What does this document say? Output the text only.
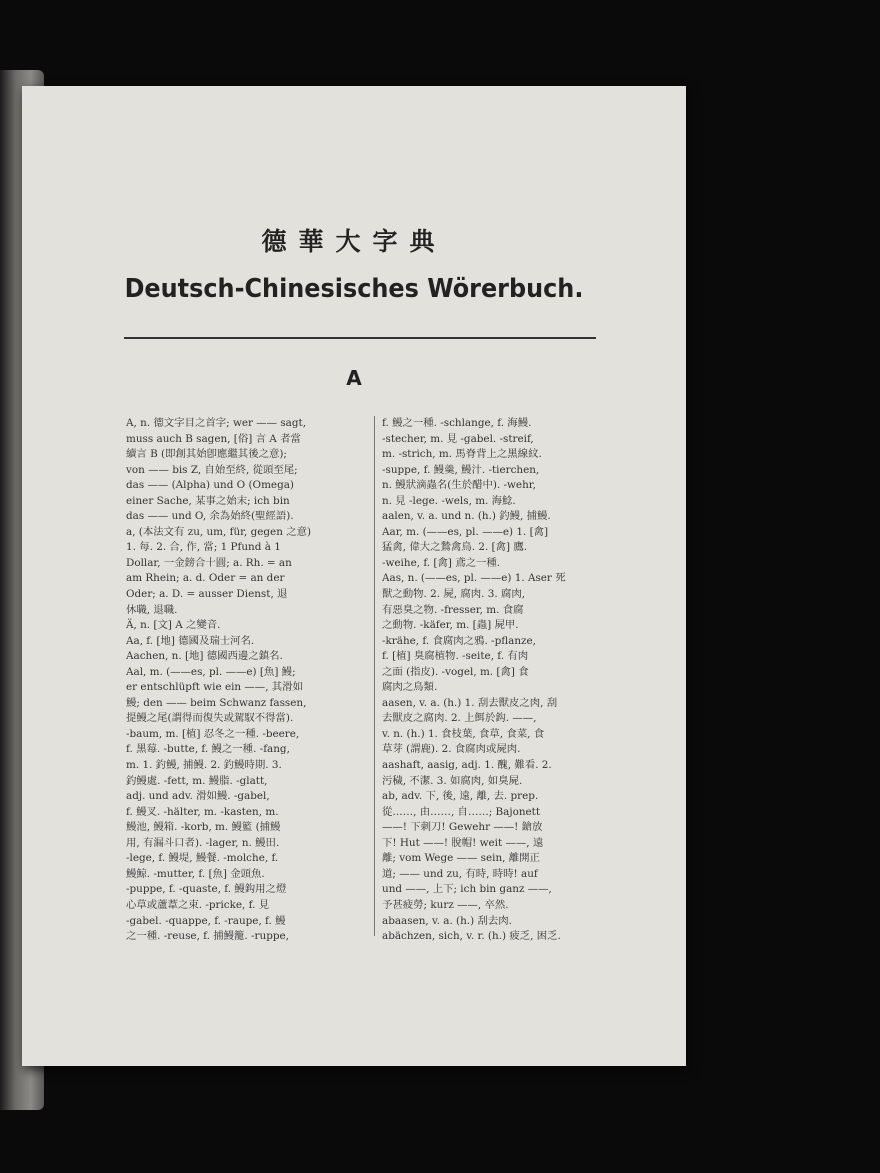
德華大字典
Deutsch-Chinesisches Wörerbuch.
A
A, n. 德文字目之首字; wer —— sagt,
muss auch B sagen, [俗] 言 A 者當
續言 B (即創其始卽應繼其後之意);
von —— bis Z, 自始至終, 從頭至尾;
das —— (Alpha) und O (Omega)
einer Sache, 某事之始末; ich bin
das —— und O, 余為始終(聖經語).
a, (本法文有 zu, um, für, gegen 之意)
1. 每. 2. 合, 作, 當; 1 Pfund à 1
Dollar, 一金鎊合十圓; a. Rh. = an
am Rhein; a. d. Oder = an der
Oder; a. D. = ausser Dienst, 退
休職, 退職.
Ä, n. [文] A 之變音.
Aa, f. [地] 德國及瑞士河名.
Aachen, n. [地] 德國西邊之鎮名.
Aal, m. (——es, pl. ——e) [魚] 鰻;
er entschlüpft wie ein ——, 其滑如
鰻; den —— beim Schwanz fassen,
提鰻之尾(謂得而復失或駕馭不得當).
-baum, m. [植] 忍冬之一種. -beere,
f. 黑莓. -butte, f. 鰻之一種. -fang,
m. 1. 釣鰻, 捕鰻. 2. 釣鰻時期. 3.
釣鰻處. -fett, m. 鰻脂. -glatt,
adj. und adv. 滑如鰻. -gabel,
f. 鰻叉. -hälter, m. -kasten, m.
鰻池, 鰻箱. -korb, m. 鰻籃 (捕鰻
用, 有漏斗口者). -lager, n. 鰻田.
-lege, f. 鰻堤, 鰻餐. -molche, f.
鰻鯨. -mutter, f. [魚] 金頭魚.
-puppe, f. -quaste, f. 鰻鈎用之燈
心草或蘆葦之束. -pricke, f. 見
-gabel. -quappe, f. -raupe, f. 鰻
之一種. -reuse, f. 捕鰻籠. -ruppe,
f. 鰻之一種. -schlange, f. 海鰻.
-stecher, m. 見 -gabel. -streif,
m. -strich, m. 馬脊背上之黑線紋.
-suppe, f. 鰻羹, 鰻汁. -tierchen,
n. 鰻狀滴蟲名(生於醋中). -wehr,
n. 見 -lege. -wels, m. 海鯰.
aalen, v. a. und n. (h.) 釣鰻, 捕鰻.
Aar, m. (——es, pl. ——e) 1. [禽]
猛禽, 偉大之鷙禽鳥. 2. [禽] 鷹.
-weihe, f. [禽] 鳶之一種.
Aas, n. (——es, pl. ——e) 1. Aser 死
獸之動物. 2. 屍, 腐肉. 3. 腐肉,
有惡臭之物. -fresser, m. 食腐
之動物. -käfer, m. [蟲] 屍甲.
-krähe, f. 食腐肉之鴉. -pflanze,
f. [植] 臭腐植物. -seite, f. 有肉
之面 (指皮). -vogel, m. [禽] 食
腐肉之鳥類.
aasen, v. a. (h.) 1. 刮去獸皮之肉, 刮
去獸皮之腐肉. 2. 上餌於鈎. ——,
v. n. (h.) 1. 食枝葉, 食草, 食菜, 食
草芽 (謂鹿). 2. 食腐肉或屍肉.
aashaft, aasig, adj. 1. 醜, 難看. 2.
污穢, 不潔. 3. 如腐肉, 如臭屍.
ab, adv. 下, 後, 遠, 離, 去. prep.
從……, 由……, 自……; Bajonett
——! 下刺刀! Gewehr ——! 鎗放
下! Hut ——! 脫帽! weit ——, 遠
離; vom Wege —— sein, 離開正
道; —— und zu, 有時, 時時! auf
und ——, 上下; ich bin ganz ——,
予甚疲勞; kurz ——, 卒然.
abaasen, v. a. (h.) 刮去肉.
abächzen, sich, v. r. (h.) 疲乏, 困乏.
